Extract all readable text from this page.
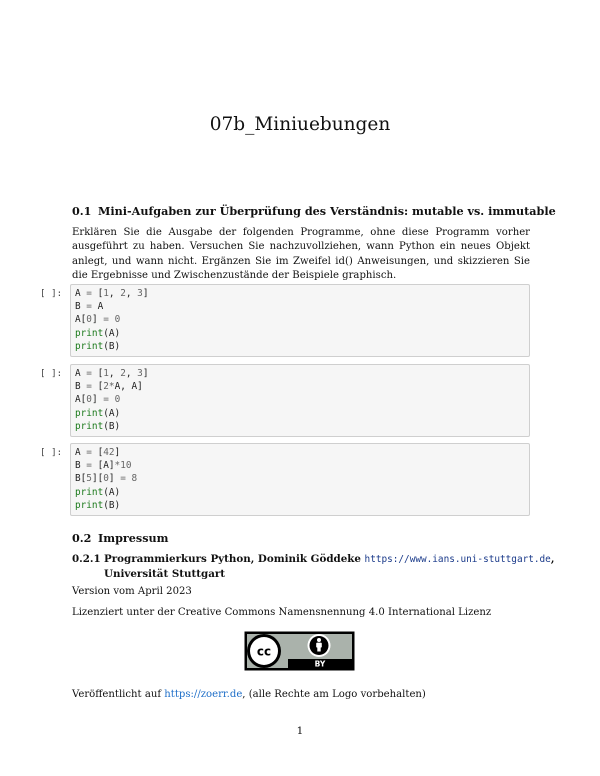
07b_Miniuebungen
0.1 Mini-Aufgaben zur Überprüfung des Verständnis: mutable vs. immutable
Erklären Sie die Ausgabe der folgenden Programme, ohne diese Programm vorher ausgeführt zu haben. Versuchen Sie nachzuvollziehen, wann Python ein neues Objekt anlegt, und wann nicht. Ergänzen Sie im Zweifel id() Anweisungen, und skizzieren Sie die Ergebnisse und Zwischenzustände der Beispiele graphisch.
[ ]: A = [1, 2, 3]
B = A
A[0] = 0
print(A)
print(B)
[ ]: A = [1, 2, 3]
B = [2*A, A]
A[0] = 0
print(A)
print(B)
[ ]: A = [42]
B = [A]*10
B[5][0] = 8
print(A)
print(B)
0.2 Impressum
0.2.1 Programmierkurs Python, Dominik Göddeke https://www.ians.uni-stuttgart.de,
Universität Stuttgart
Version vom April 2023
Lizenziert unter der Creative Commons Namensnennung 4.0 International Lizenz
cc
BY
Veröffentlicht auf https://zoerr.de, (alle Rechte am Logo vorbehalten)
1
